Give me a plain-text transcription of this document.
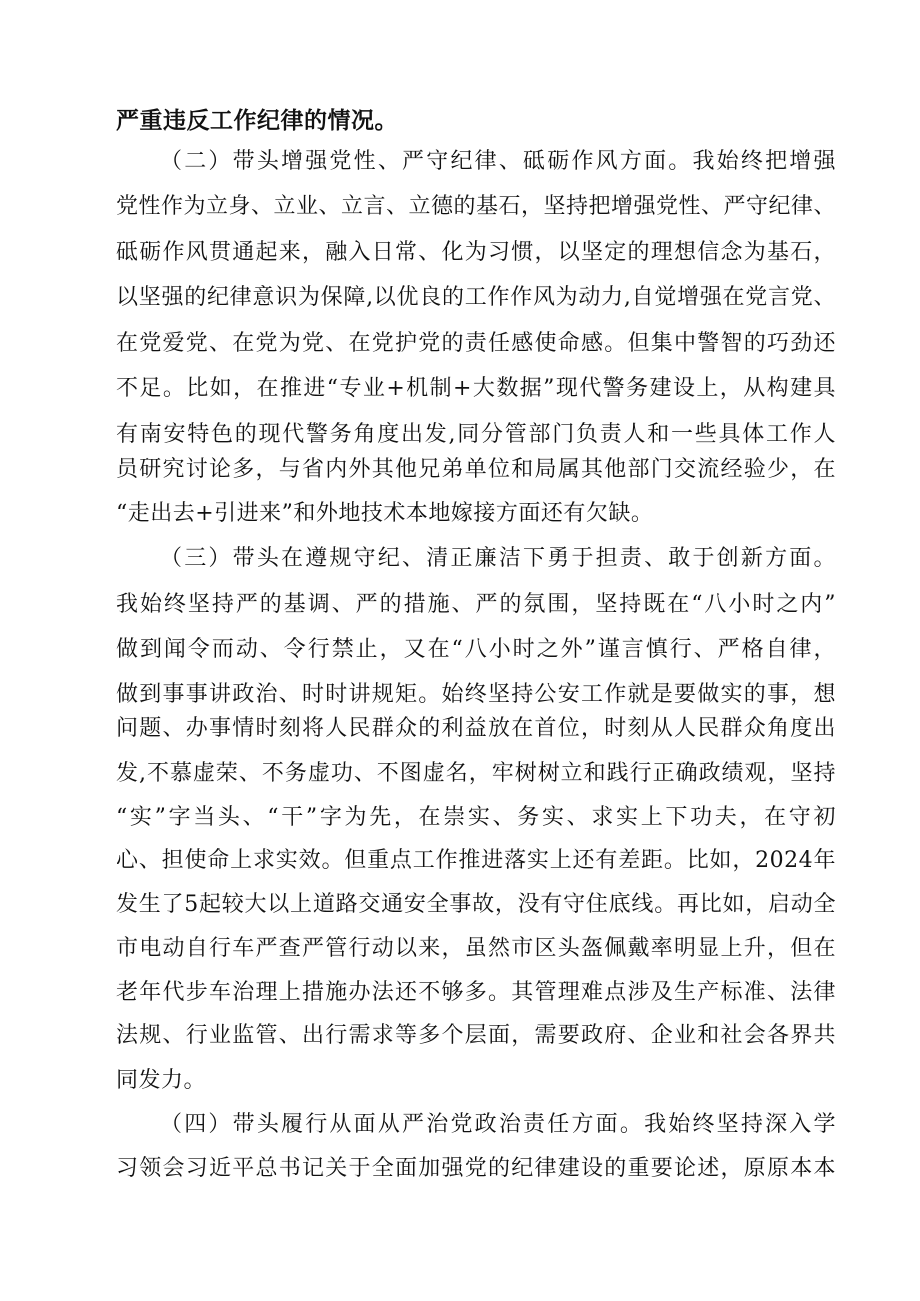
严重违反工作纪律的情况。
（二）带头增强党性、严守纪律、砥砺作风方面。我始终把增强
党性作为立身、立业、立言、立德的基石，坚持把增强党性、严守纪律、
砥砺作风贯通起来，融入日常、化为习惯，以坚定的理想信念为基石，
以坚强的纪律意识为保障,以优良的工作作风为动力,自觉增强在党言党、
在党爱党、在党为党、在党护党的责任感使命感。但集中警智的巧劲还
不足。比如，在推进“专业+机制+大数据”现代警务建设上，从构建具
有南安特色的现代警务角度出发,同分管部门负责人和一些具体工作人
员研究讨论多，与省内外其他兄弟单位和局属其他部门交流经验少，在
“走出去+引进来”和外地技术本地嫁接方面还有欠缺。
（三）带头在遵规守纪、清正廉洁下勇于担责、敢于创新方面。
我始终坚持严的基调、严的措施、严的氛围，坚持既在“八小时之内”
做到闻令而动、令行禁止，又在“八小时之外”谨言慎行、严格自律，
做到事事讲政治、时时讲规矩。始终坚持公安工作就是要做实的事，想
问题、办事情时刻将人民群众的利益放在首位，时刻从人民群众角度出
发,不慕虚荣、不务虚功、不图虚名，牢树树立和践行正确政绩观，坚持
“实”字当头、“干”字为先，在崇实、务实、求实上下功夫，在守初
心、担使命上求实效。但重点工作推进落实上还有差距。比如，2024年
发生了5起较大以上道路交通安全事故，没有守住底线。再比如，启动全
市电动自行车严查严管行动以来，虽然市区头盔佩戴率明显上升，但在
老年代步车治理上措施办法还不够多。其管理难点涉及生产标准、法律
法规、行业监管、出行需求等多个层面，需要政府、企业和社会各界共
同发力。
（四）带头履行从面从严治党政治责任方面。我始终坚持深入学
习领会习近平总书记关于全面加强党的纪律建设的重要论述，原原本本
